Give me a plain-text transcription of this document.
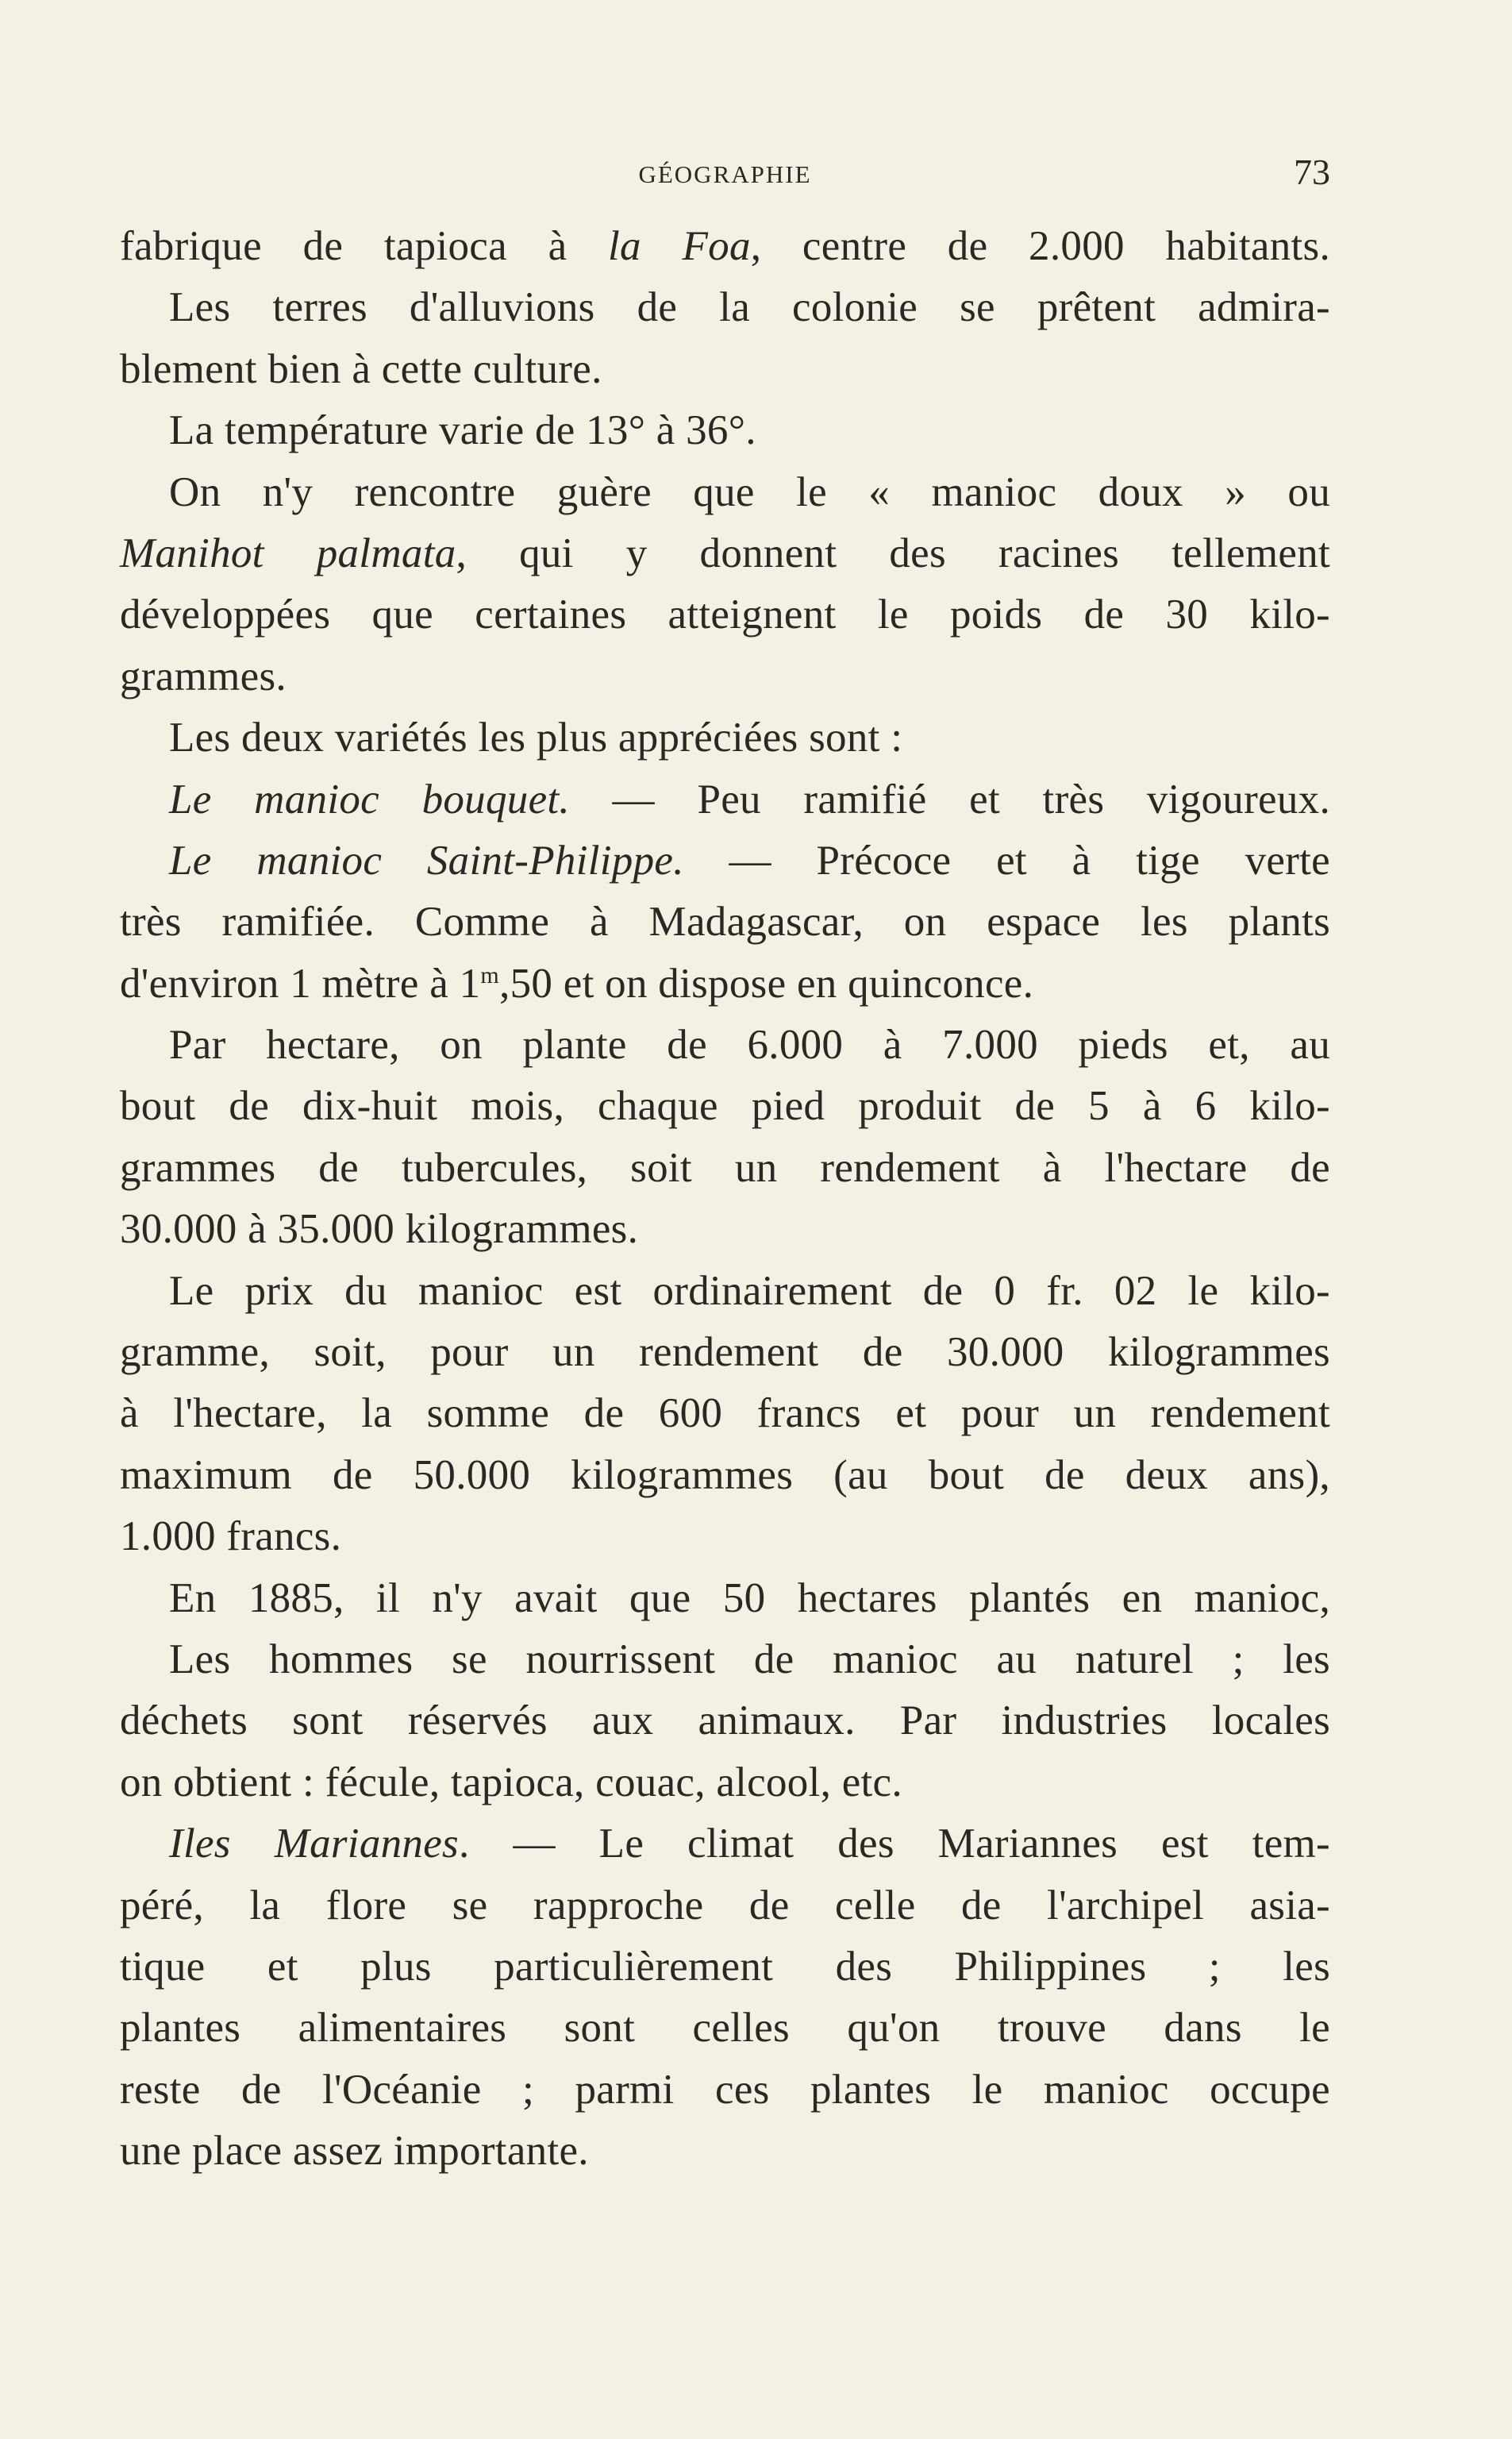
GÉOGRAPHIE	73
fabrique de tapioca à la Foa, centre de 2.000 habitants.
Les terres d'alluvions de la colonie se prêtent admira-
blement bien à cette culture.
La température varie de 13° à 36°.
On n'y rencontre guère que le « manioc doux » ou
Manihot palmata, qui y donnent des racines tellement
développées que certaines atteignent le poids de 30 kilo-
grammes.
Les deux variétés les plus appréciées sont :
Le manioc bouquet. — Peu ramifié et très vigoureux.
Le manioc Saint-Philippe. — Précoce et à tige verte
très ramifiée. Comme à Madagascar, on espace les plants
d'environ 1 mètre à 1$^m$,50 et on dispose en quinconce.
Par hectare, on plante de 6.000 à 7.000 pieds et, au
bout de dix-huit mois, chaque pied produit de 5 à 6 kilo-
grammes de tubercules, soit un rendement à l'hectare de
30.000 à 35.000 kilogrammes.
Le prix du manioc est ordinairement de 0 fr. 02 le kilo-
gramme, soit, pour un rendement de 30.000 kilogrammes
à l'hectare, la somme de 600 francs et pour un rendement
maximum de 50.000 kilogrammes (au bout de deux ans),
1.000 francs.
En 1885, il n'y avait que 50 hectares plantés en manioc,
Les hommes se nourrissent de manioc au naturel ; les
déchets sont réservés aux animaux. Par industries locales
on obtient : fécule, tapioca, couac, alcool, etc.
Iles Mariannes. — Le climat des Mariannes est tem-
péré, la flore se rapproche de celle de l'archipel asia-
tique et plus particulièrement des Philippines ; les
plantes alimentaires sont celles qu'on trouve dans le
reste de l'Océanie ; parmi ces plantes le manioc occupe
une place assez importante.
